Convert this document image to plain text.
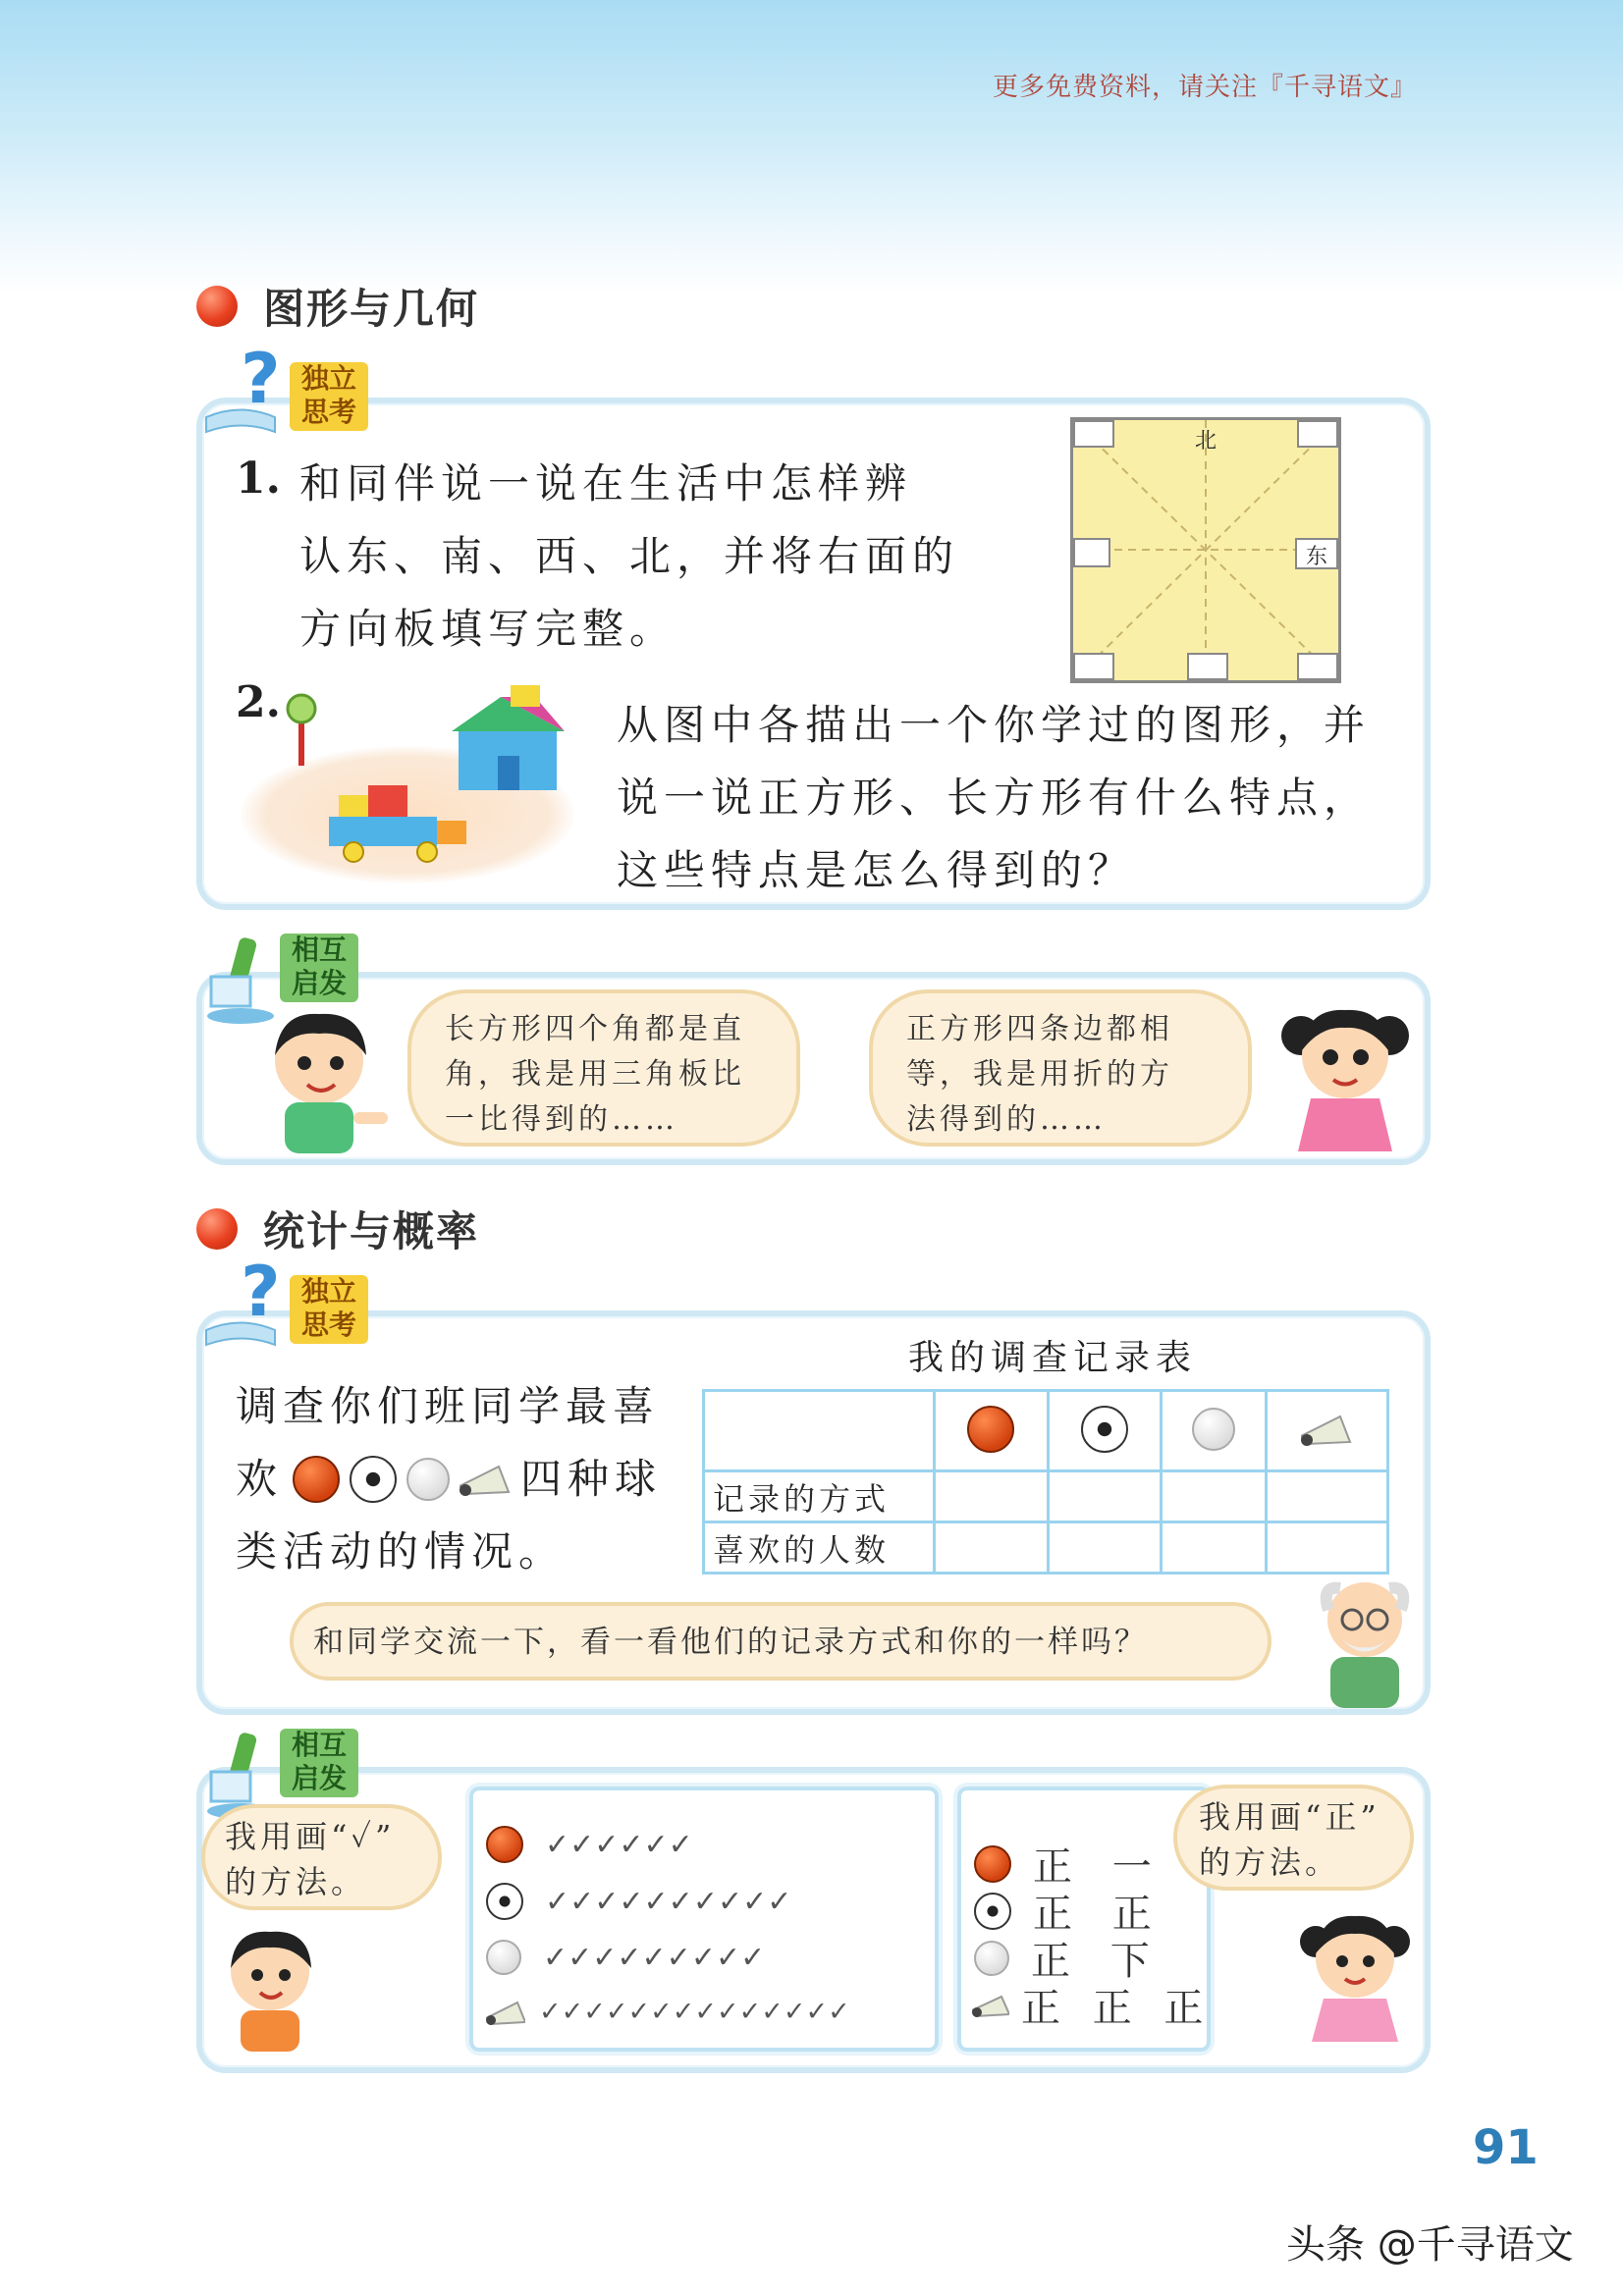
更多免费资料，请关注『千寻语文』
图形与几何
? 独立
思考
1. 和同伴说一说在生活中怎样辨
认东、南、西、北，并将右面的
方向板填写完整。
北
东
2.	从图中各描出一个你学过的图形，并
说一说正方形、长方形有什么特点，
这些特点是怎么得到的？
相互
启发
长方形四个角都是直
角，我是用三角板比
一比得到的……
正方形四条边都相
等，我是用折的方
法得到的……
统计与概率
? 独立
思考
调查你们班同学最喜
欢	四种球
类活动的情况。
我的调查记录表

记录的方式				
喜欢的人数				
和同学交流一下，看一看他们的记录方式和你的一样吗？
相互
启发
我用画“✓”
的方法。
✓✓✓✓✓✓
✓✓✓✓✓✓✓✓✓✓
✓✓✓✓✓✓✓✓✓
✓✓✓✓✓✓✓✓✓✓✓✓✓✓
正 一
正 正
正 下
正 正 正
我用画“正”
的方法。
91
头条 @千寻语文
